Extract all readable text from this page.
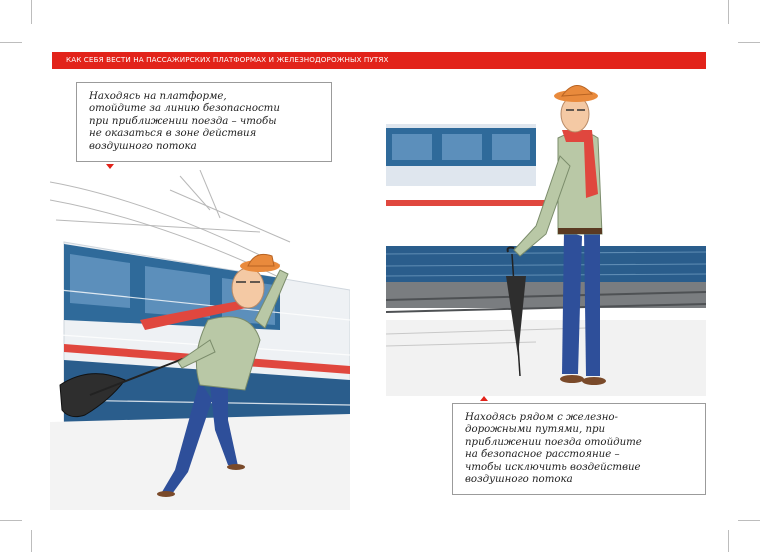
КАК СЕБЯ ВЕСТИ НА ПАССАЖИРСКИХ ПЛАТФОРМАХ И ЖЕЛЕЗНОДОРОЖНЫХ ПУТЯХ
Находясь на платформе,
отойдите за линию безопасности
при приближении поезда – чтобы
не оказаться в зоне действия
воздушного потока
Находясь рядом с железно-
дорожными путями, при
приближении поезда отойдите
на безопасное расстояние –
чтобы исключить воздействие
воздушного потока
